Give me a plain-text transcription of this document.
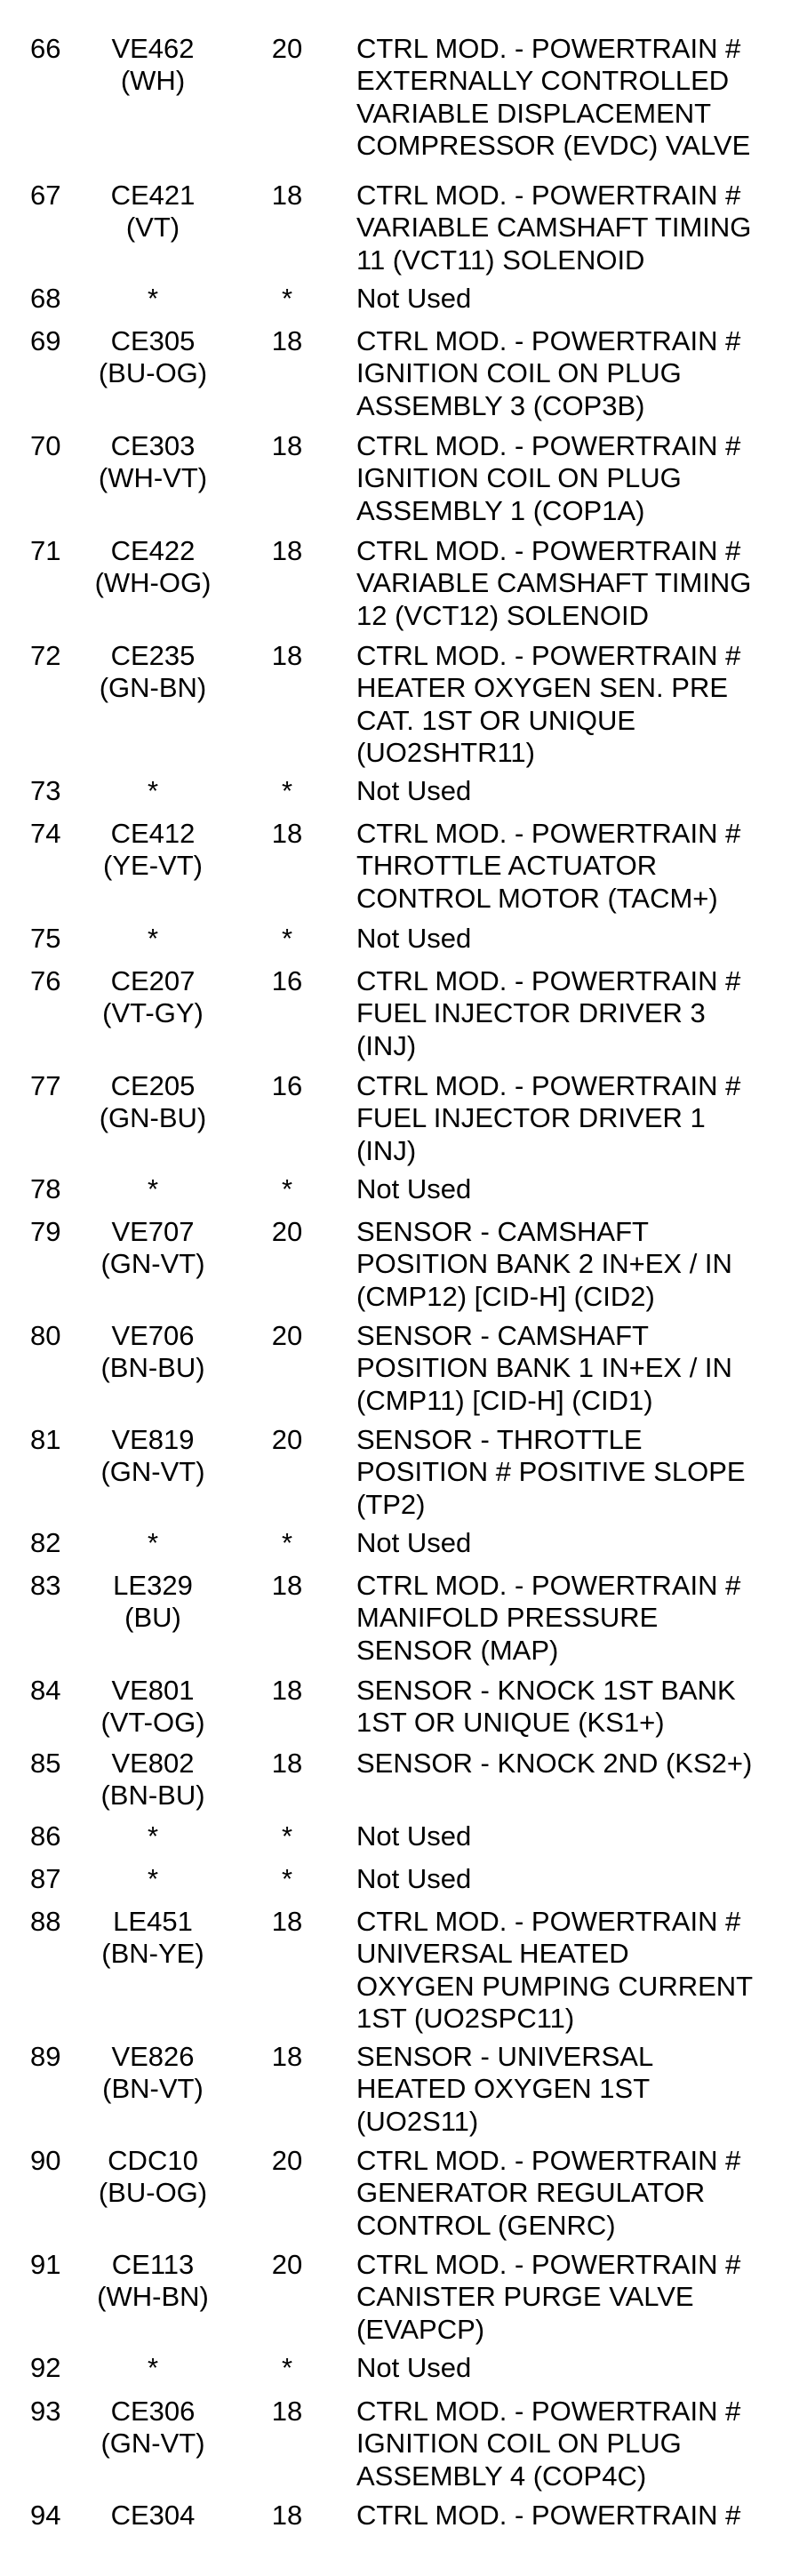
66	VE462
(WH)
20	CTRL MOD. - POWERTRAIN #
EXTERNALLY CONTROLLED
VARIABLE DISPLACEMENT
COMPRESSOR (EVDC) VALVE
67	CE421
(VT)
18	CTRL MOD. - POWERTRAIN #
VARIABLE CAMSHAFT TIMING
11 (VCT11) SOLENOID
68	*	*	Not Used
69	CE305
(BU-OG)
18	CTRL MOD. - POWERTRAIN #
IGNITION COIL ON PLUG
ASSEMBLY 3 (COP3B)
70	CE303
(WH-VT)
18	CTRL MOD. - POWERTRAIN #
IGNITION COIL ON PLUG
ASSEMBLY 1 (COP1A)
71	CE422
(WH-OG)
18	CTRL MOD. - POWERTRAIN #
VARIABLE CAMSHAFT TIMING
12 (VCT12) SOLENOID
72	CE235
(GN-BN)
18	CTRL MOD. - POWERTRAIN #
HEATER OXYGEN SEN. PRE
CAT. 1ST OR UNIQUE
(UO2SHTR11)
73	*	*	Not Used
74	CE412
(YE-VT)
18	CTRL MOD. - POWERTRAIN #
THROTTLE ACTUATOR
CONTROL MOTOR (TACM+)
75	*	*	Not Used
76	CE207
(VT-GY)
16	CTRL MOD. - POWERTRAIN #
FUEL INJECTOR DRIVER 3
(INJ)
77	CE205
(GN-BU)
16	CTRL MOD. - POWERTRAIN #
FUEL INJECTOR DRIVER 1
(INJ)
78	*	*	Not Used
79	VE707
(GN-VT)
20	SENSOR - CAMSHAFT
POSITION BANK 2 IN+EX / IN
(CMP12) [CID-H] (CID2)
80	VE706
(BN-BU)
20	SENSOR - CAMSHAFT
POSITION BANK 1 IN+EX / IN
(CMP11) [CID-H] (CID1)
81	VE819
(GN-VT)
20	SENSOR - THROTTLE
POSITION # POSITIVE SLOPE
(TP2)
82	*	*	Not Used
83	LE329
(BU)
18	CTRL MOD. - POWERTRAIN #
MANIFOLD PRESSURE
SENSOR (MAP)
84	VE801
(VT-OG)
18	SENSOR - KNOCK 1ST BANK
1ST OR UNIQUE (KS1+)
85	VE802
(BN-BU)
18	SENSOR - KNOCK 2ND (KS2+)
86	*	*	Not Used
87	*	*	Not Used
88	LE451
(BN-YE)
18	CTRL MOD. - POWERTRAIN #
UNIVERSAL HEATED
OXYGEN PUMPING CURRENT
1ST (UO2SPC11)
89	VE826
(BN-VT)
18	SENSOR - UNIVERSAL
HEATED OXYGEN 1ST
(UO2S11)
90	CDC10
(BU-OG)
20	CTRL MOD. - POWERTRAIN #
GENERATOR REGULATOR
CONTROL (GENRC)
91	CE113
(WH-BN)
20	CTRL MOD. - POWERTRAIN #
CANISTER PURGE VALVE
(EVAPCP)
92	*	*	Not Used
93	CE306
(GN-VT)
18	CTRL MOD. - POWERTRAIN #
IGNITION COIL ON PLUG
ASSEMBLY 4 (COP4C)
94	CE304	18	CTRL MOD. - POWERTRAIN #
